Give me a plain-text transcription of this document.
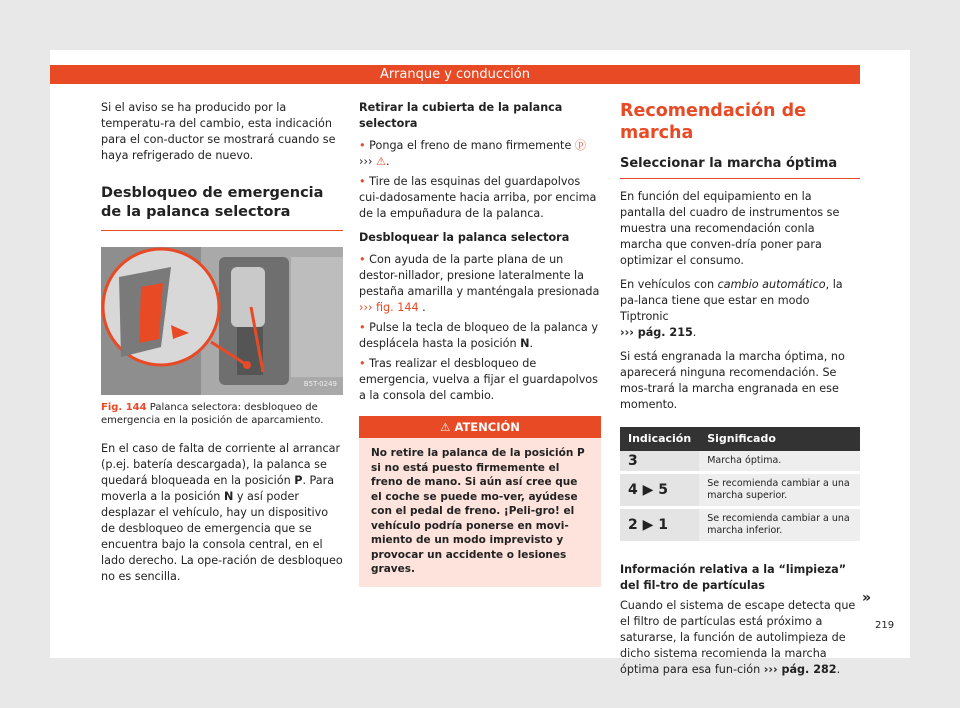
Arranque y conducción

Si el aviso se ha producido por la temperatu-ra del cambio, esta indicación para el con-ductor se mostrará cuando se haya refrigerado de nuevo.

Desbloqueo de emergencia de la palanca selectora
B5T-0249
Fig. 144 Palanca selectora: desbloqueo de emergencia en la posición de aparcamiento.

En el caso de falta de corriente al arrancar (p.ej. batería descargada), la palanca se quedará bloqueada en la posición P. Para moverla a la posición N y así poder desplazar el vehículo, hay un dispositivo de desbloqueo de emergencia que se encuentra bajo la consola central, en el lado derecho. La ope-ración de desbloqueo no es sencilla.

Retirar la cubierta de la palanca selectora

• Ponga el freno de mano firmemente ⓟ
››› ⚠.

• Tire de las esquinas del guardapolvos cui-dadosamente hacia arriba, por encima de la empuñadura de la palanca.

Desbloquear la palanca selectora

• Con ayuda de la parte plana de un destor-nillador, presione lateralmente la pestaña amarilla y manténgala presionada
››› fig. 144 .

• Pulse la tecla de bloqueo de la palanca y desplácela hasta la posición N.

• Tras realizar el desbloqueo de emergencia, vuelva a fijar el guardapolvos a la consola del cambio.

⚠ ATENCIÓN
No retire la palanca de la posición P si no está puesto firmemente el freno de mano. Si aún así cree que el coche se puede mo-ver, ayúdese con el pedal de freno. ¡Peli-gro! el vehículo podría ponerse en movi-miento de un modo imprevisto y provocar un accidente o lesiones graves.
Recomendación de marcha
Seleccionar la marcha óptima

En función del equipamiento en la pantalla del cuadro de instrumentos se muestra una recomendación conla marcha que conven-dría poner para optimizar el consumo.

En vehículos con cambio automático, la pa-lanca tiene que estar en modo Tiptronic
››› pág. 215.

Si está engranada la marcha óptima, no aparecerá ninguna recomendación. Se mos-trará la marcha engranada en ese momento.

Indicación	Significado
3	Marcha óptima.
4 ▶ 5	Se recomienda cambiar a una marcha superior.
2 ▶ 1	Se recomienda cambiar a una marcha inferior.

Información relativa a la “limpieza” del fil-tro de partículas

Cuando el sistema de escape detecta que el filtro de partículas está próximo a saturarse, la función de autolimpieza de dicho sistema recomienda la marcha óptima para esa fun-ción ››› pág. 282.

»
219
